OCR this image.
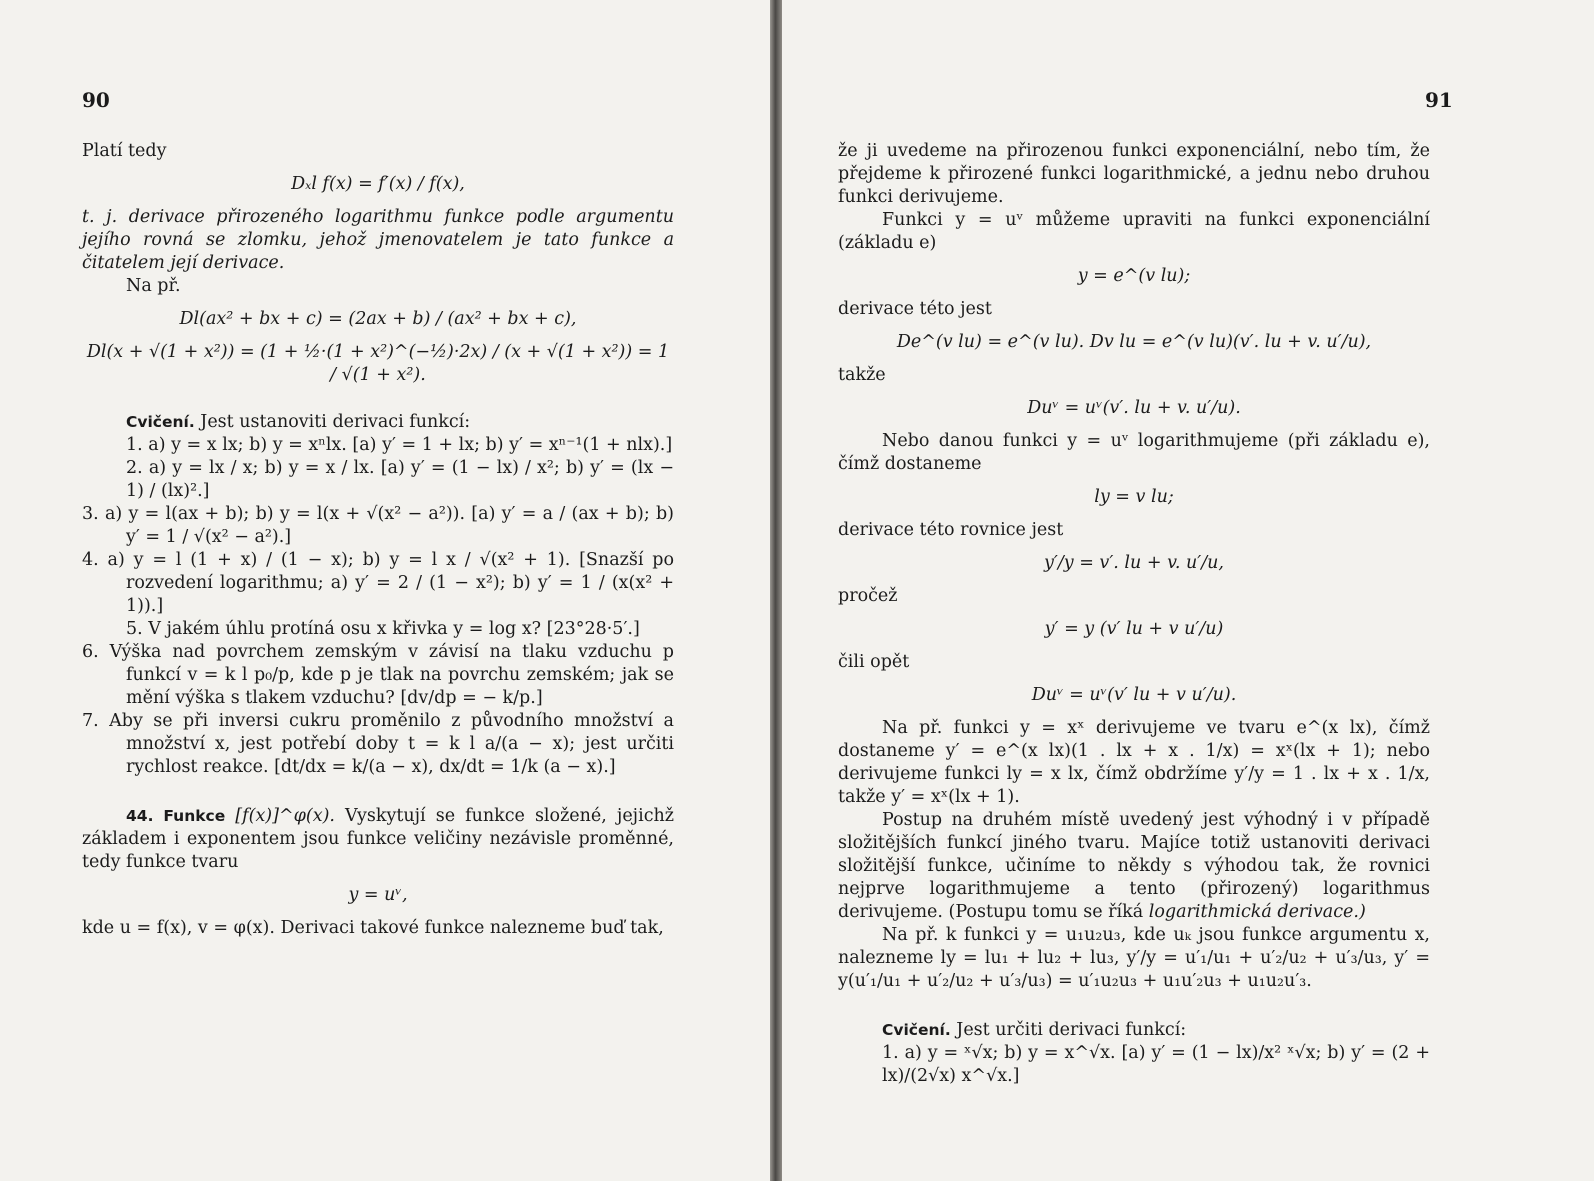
90

Platí tedy

Dₓl f(x) = f′(x) / f(x),

t. j. derivace přirozeného logarithmu funkce podle argumentu jejího rovná se zlomku, jehož jmenovatelem je tato funkce a čitatelem její derivace.

Na př.

Dl(ax² + bx + c) = (2ax + b) / (ax² + bx + c),
Dl(x + √(1 + x²)) = (1 + ½·(1 + x²)^(−½)·2x) / (x + √(1 + x²)) = 1 / √(1 + x²).

Cvičení. Jest ustanoviti derivaci funkcí:

1. a) y = x lx; b) y = xⁿlx. [a) y′ = 1 + lx; b) y′ = xⁿ⁻¹(1 + nlx).]

2. a) y = lx / x; b) y = x / lx. [a) y′ = (1 − lx) / x²; b) y′ = (lx − 1) / (lx)².]

3. a) y = l(ax + b); b) y = l(x + √(x² − a²)). [a) y′ = a / (ax + b); b) y′ = 1 / √(x² − a²).]

4. a) y = l (1 + x) / (1 − x); b) y = l x / √(x² + 1). [Snazší po rozvedení logarithmu; a) y′ = 2 / (1 − x²); b) y′ = 1 / (x(x² + 1)).]

5. V jakém úhlu protíná osu x křivka y = log x? [23°28·5′.]

6. Výška nad povrchem zemským v závisí na tlaku vzduchu p funkcí v = k l p₀/p, kde p je tlak na povrchu zemském; jak se mění výška s tlakem vzduchu? [dv/dp = − k/p.]

7. Aby se při inversi cukru proměnilo z původního množství a množství x, jest potřebí doby t = k l a/(a − x); jest určiti rychlost reakce. [dt/dx = k/(a − x), dx/dt = 1/k (a − x).]

44. Funkce [f(x)]^φ(x). Vyskytují se funkce složené, jejichž základem i exponentem jsou funkce veličiny nezávisle proměnné, tedy funkce tvaru

y = uᵛ,

kde u = f(x), v = φ(x). Derivaci takové funkce nalezneme buď tak,

91

že ji uvedeme na přirozenou funkci exponenciální, nebo tím, že přejdeme k přirozené funkci logarithmické, a jednu nebo druhou funkci derivujeme.

Funkci y = uᵛ můžeme upraviti na funkci exponenciální (základu e)

y = e^(v lu);

derivace této jest

De^(v lu) = e^(v lu). Dv lu = e^(v lu)(v′. lu + v. u′/u),

takže

Duᵛ = uᵛ(v′. lu + v. u′/u).

Nebo danou funkci y = uᵛ logarithmujeme (při základu e), čímž dostaneme

ly = v lu;

derivace této rovnice jest

y′/y = v′. lu + v. u′/u,

pročež

y′ = y (v′ lu + v u′/u)

čili opět

Duᵛ = uᵛ(v′ lu + v u′/u).

Na př. funkci y = xˣ derivujeme ve tvaru e^(x lx), čímž dostaneme y′ = e^(x lx)(1 . lx + x . 1/x) = xˣ(lx + 1); nebo derivujeme funkci ly = x lx, čímž obdržíme y′/y = 1 . lx + x . 1/x, takže y′ = xˣ(lx + 1).

Postup na druhém místě uvedený jest výhodný i v případě složitějších funkcí jiného tvaru. Majíce totiž ustanoviti derivaci složitější funkce, učiníme to někdy s výhodou tak, že rovnici nejprve logarithmujeme a tento (přirozený) logarithmus derivujeme. (Postupu tomu se říká logarithmická derivace.)

Na př. k funkci y = u₁u₂u₃, kde uₖ jsou funkce argumentu x, nalezneme ly = lu₁ + lu₂ + lu₃, y′/y = u′₁/u₁ + u′₂/u₂ + u′₃/u₃, y′ = y(u′₁/u₁ + u′₂/u₂ + u′₃/u₃) = u′₁u₂u₃ + u₁u′₂u₃ + u₁u₂u′₃.

Cvičení. Jest určiti derivaci funkcí:

1. a) y = ˣ√x; b) y = x^√x. [a) y′ = (1 − lx)/x² ˣ√x; b) y′ = (2 + lx)/(2√x) x^√x.]
